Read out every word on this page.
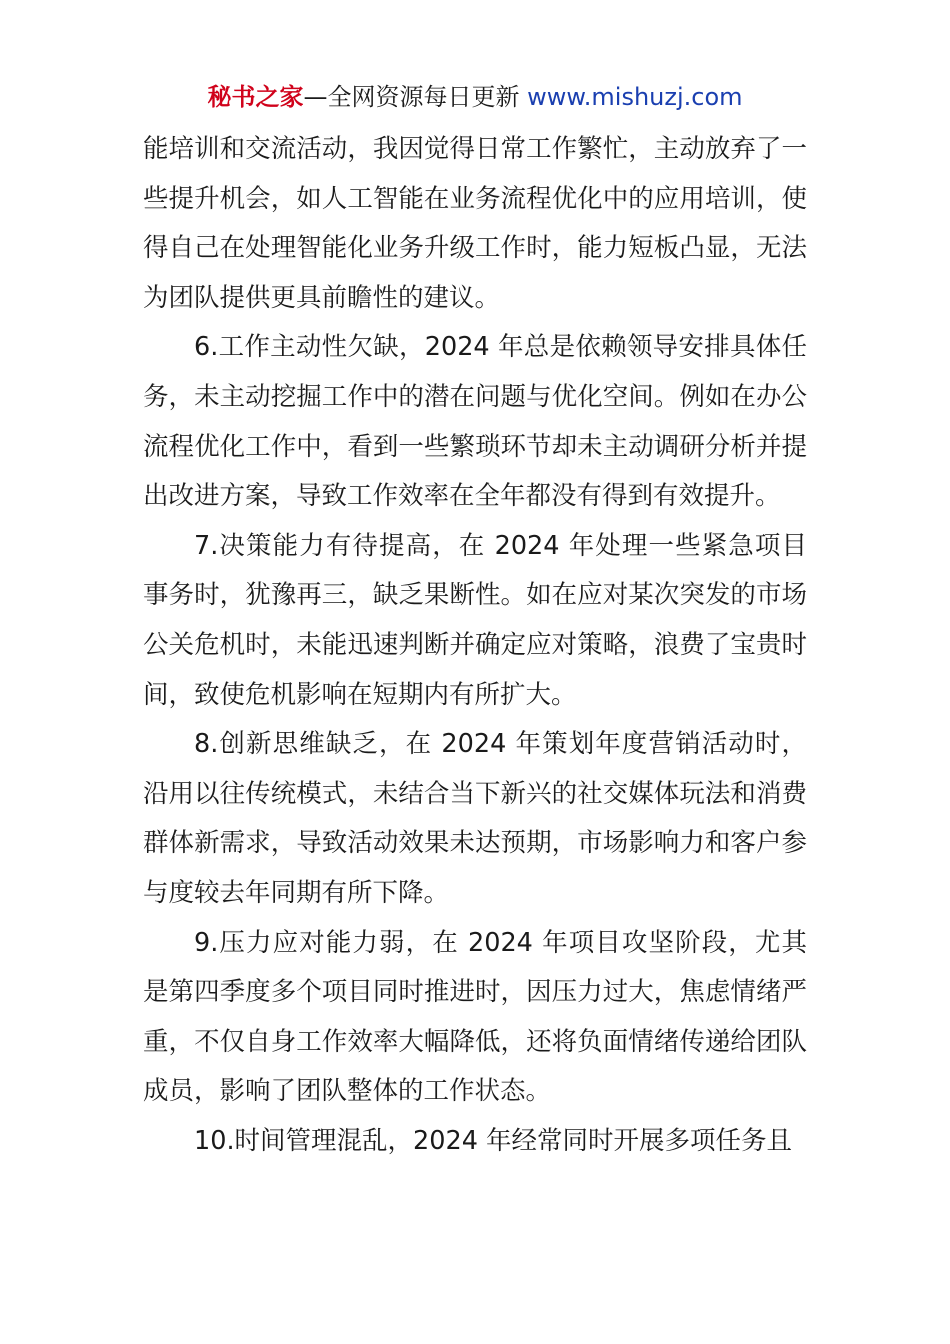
秘书之家—全网资源每日更新 www.mishuzj.com

能培训和交流活动，我因觉得日常工作繁忙，主动放弃了一些提升机会，如人工智能在业务流程优化中的应用培训，使得自己在处理智能化业务升级工作时，能力短板凸显，无法为团队提供更具前瞻性的建议。

6.工作主动性欠缺，2024 年总是依赖领导安排具体任务，未主动挖掘工作中的潜在问题与优化空间。例如在办公流程优化工作中，看到一些繁琐环节却未主动调研分析并提出改进方案，导致工作效率在全年都没有得到有效提升。

7.决策能力有待提高，在 2024 年处理一些紧急项目事务时，犹豫再三，缺乏果断性。如在应对某次突发的市场公关危机时，未能迅速判断并确定应对策略，浪费了宝贵时间，致使危机影响在短期内有所扩大。

8.创新思维缺乏，在 2024 年策划年度营销活动时，沿用以往传统模式，未结合当下新兴的社交媒体玩法和消费群体新需求，导致活动效果未达预期，市场影响力和客户参与度较去年同期有所下降。

9.压力应对能力弱，在 2024 年项目攻坚阶段，尤其是第四季度多个项目同时推进时，因压力过大，焦虑情绪严重，不仅自身工作效率大幅降低，还将负面情绪传递给团队成员，影响了团队整体的工作状态。

10.时间管理混乱，2024 年经常同时开展多项任务且
